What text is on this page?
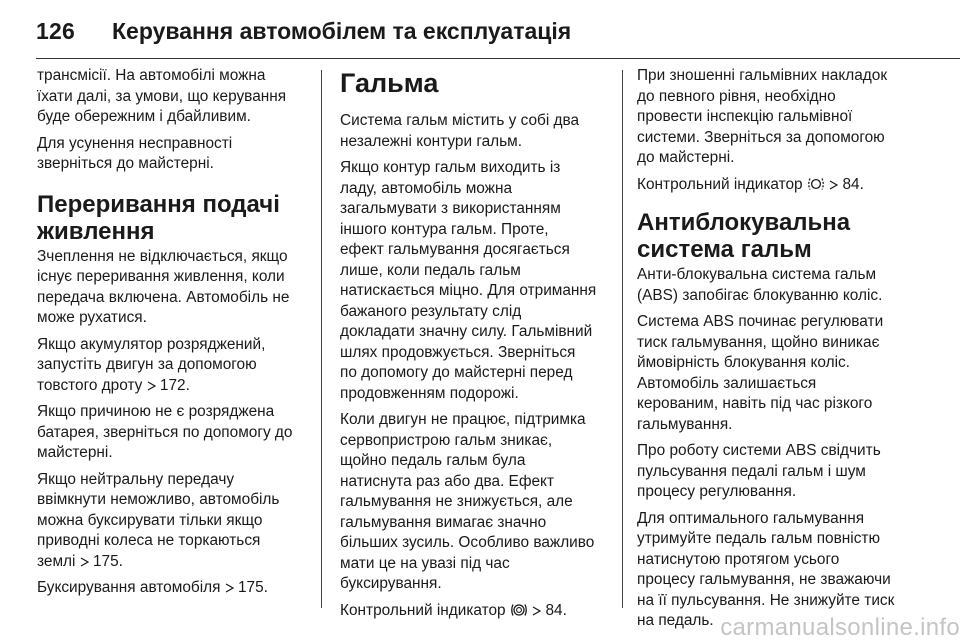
126 Керування автомобілем та експлуатація

трансмісії. На автомобілі можна
їхати далі, за умови, що керування
буде обережним і дбайливим.

Для усунення несправності
зверніться до майстерні.

Переривання подачі
живлення

Зчеплення не відключається, якщо
існує переривання живлення, коли
передача включена. Автомобіль не
може рухатися.

Якщо акумулятор розряджений,
запустіть двигун за допомогою
товстого дроту 172.

Якщо причиною не є розряджена
батарея, зверніться по допомогу до
майстерні.

Якщо нейтральну передачу
ввімкнути неможливо, автомобіль
можна буксирувати тільки якщо
приводні колеса не торкаються
землі 175.

Буксирування автомобіля 175.

Гальма

Система гальм містить у собі два
незалежні контури гальм.

Якщо контур гальм виходить із
ладу, автомобіль можна
загальмувати з використанням
іншого контура гальм. Проте,
ефект гальмування досягається
лише, коли педаль гальм
натискається міцно. Для отримання
бажаного результату слід
докладати значну силу. Гальмівний
шлях продовжується. Зверніться
по допомогу до майстерні перед
продовженням подорожі.

Коли двигун не працює, підтримка
сервопристрою гальм зникає,
щойно педаль гальм була
натиснута раз або два. Ефект
гальмування не знижується, але
гальмування вимагає значно
більших зусиль. Особливо важливо
мати це на увазі під час
буксирування.

Контрольний індикатор	84.

При зношенні гальмівних накладок
до певного рівня, необхідно
провести інспекцію гальмівної
системи. Зверніться за допомогою
до майстерні.

Контрольний індикатор	84.

Антиблокувальна
система гальм

Анти-блокувальна система гальм
(ABS) запобігає блокуванню коліс.

Система ABS починає регулювати
тиск гальмування, щойно виникає
ймовірність блокування коліс.
Автомобіль залишається
керованим, навіть під час різкого
гальмування.

Про роботу системи ABS свідчить
пульсування педалі гальм і шум
процесу регулювання.

Для оптимального гальмування
утримуйте педаль гальм повністю
натиснутою протягом усього
процесу гальмування, не зважаючи
на її пульсування. Не знижуйте тиск
на педаль. carmanualsonline.info
